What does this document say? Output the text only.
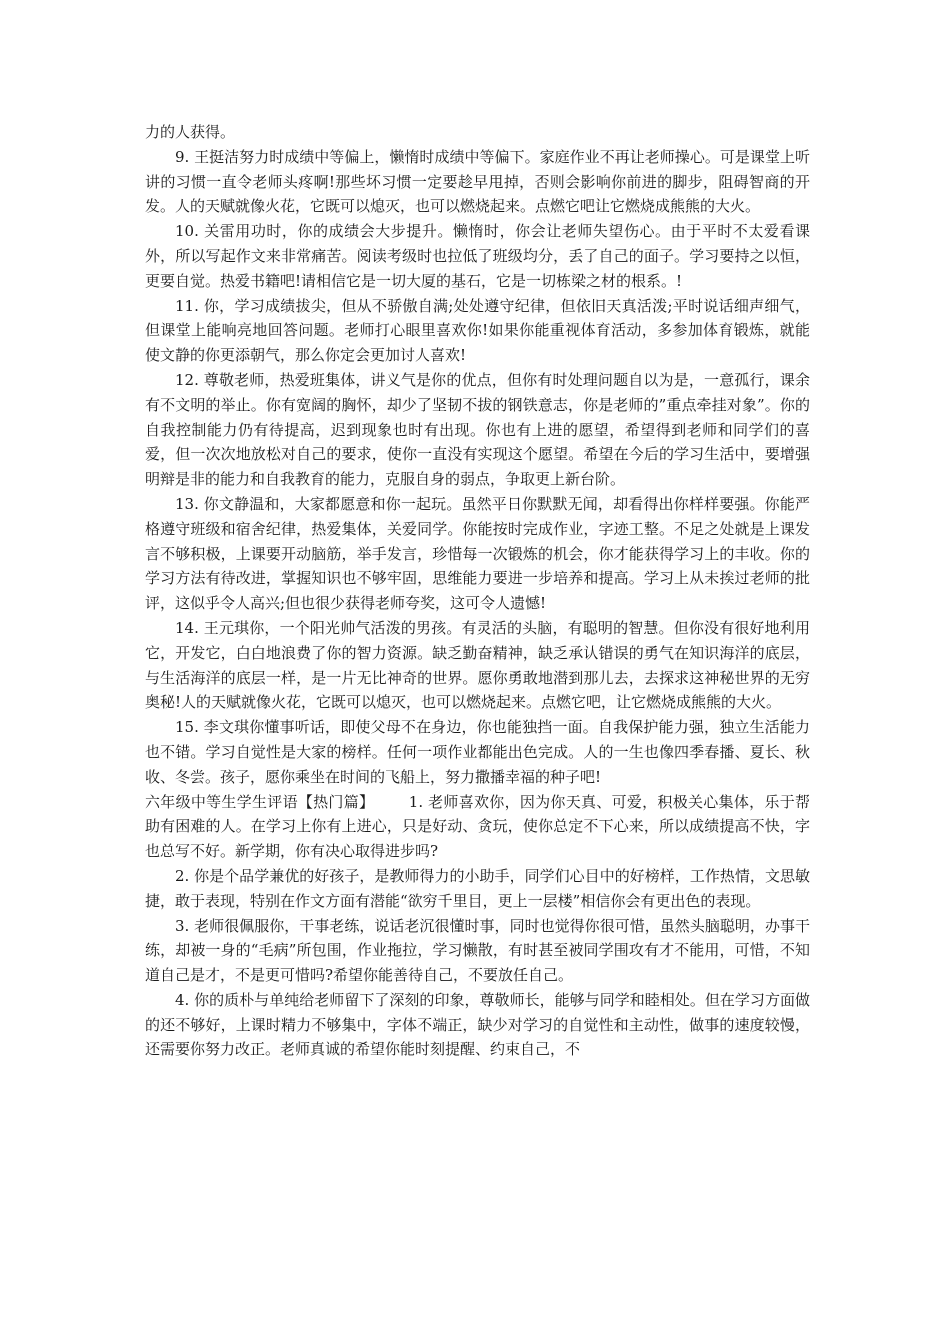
力的人获得。

9. 王挺洁努力时成绩中等偏上，懒惰时成绩中等偏下。家庭作业不再让老师操心。可是课堂上听讲的习惯一直令老师头疼啊!那些坏习惯一定要趁早甩掉，否则会影响你前进的脚步，阻碍智商的开发。人的天赋就像火花，它既可以熄灭，也可以燃烧起来。点燃它吧让它燃烧成熊熊的大火。

10. 关雷用功时，你的成绩会大步提升。懒惰时，你会让老师失望伤心。由于平时不太爱看课外，所以写起作文来非常痛苦。阅读考级时也拉低了班级均分，丢了自己的面子。学习要持之以恒，更要自觉。热爱书籍吧!请相信它是一切大厦的基石，它是一切栋梁之材的根系。!

11. 你，学习成绩拔尖，但从不骄傲自满;处处遵守纪律，但依旧天真活泼;平时说话细声细气，但课堂上能响亮地回答问题。老师打心眼里喜欢你!如果你能重视体育活动，多参加体育锻炼，就能使文静的你更添朝气，那么你定会更加讨人喜欢!

12. 尊敬老师，热爱班集体，讲义气是你的优点，但你有时处理问题自以为是，一意孤行，课余有不文明的举止。你有宽阔的胸怀，却少了坚韧不拔的钢铁意志，你是老师的”重点牵挂对象”。你的自我控制能力仍有待提高，迟到现象也时有出现。你也有上进的愿望，希望得到老师和同学们的喜爱，但一次次地放松对自己的要求，使你一直没有实现这个愿望。希望在今后的学习生活中，要增强明辩是非的能力和自我教育的能力，克服自身的弱点，争取更上新台阶。

13. 你文静温和，大家都愿意和你一起玩。虽然平日你默默无闻，却看得出你样样要强。你能严格遵守班级和宿舍纪律，热爱集体，关爱同学。你能按时完成作业，字迹工整。不足之处就是上课发言不够积极，上课要开动脑筋，举手发言，珍惜每一次锻炼的机会，你才能获得学习上的丰收。你的学习方法有待改进，掌握知识也不够牢固，思维能力要进一步培养和提高。学习上从未挨过老师的批评，这似乎令人高兴;但也很少获得老师夸奖，这可令人遗憾!

14. 王元琪你，一个阳光帅气活泼的男孩。有灵活的头脑，有聪明的智慧。但你没有很好地利用它，开发它，白白地浪费了你的智力资源。缺乏勤奋精神，缺乏承认错误的勇气在知识海洋的底层，与生活海洋的底层一样，是一片无比神奇的世界。愿你勇敢地潜到那儿去，去探求这神秘世界的无穷奥秘!人的天赋就像火花，它既可以熄灭，也可以燃烧起来。点燃它吧，让它燃烧成熊熊的大火。

15. 李文琪你懂事听话，即使父母不在身边，你也能独挡一面。自我保护能力强，独立生活能力也不错。学习自觉性是大家的榜样。任何一项作业都能出色完成。人的一生也像四季春播、夏长、秋收、冬尝。孩子，愿你乘坐在时间的飞船上，努力撒播幸福的种子吧!

六年级中等生学生评语【热门篇】 1. 老师喜欢你，因为你天真、可爱，积极关心集体，乐于帮助有困难的人。在学习上你有上进心，只是好动、贪玩，使你总定不下心来，所以成绩提高不快，字也总写不好。新学期，你有决心取得进步吗?

2. 你是个品学兼优的好孩子，是教师得力的小助手，同学们心目中的好榜样，工作热情，文思敏捷，敢于表现，特别在作文方面有潜能“欲穷千里目，更上一层楼”相信你会有更出色的表现。

3. 老师很佩服你，干事老练，说话老沉很懂时事，同时也觉得你很可惜，虽然头脑聪明，办事干练，却被一身的“毛病”所包围，作业拖拉，学习懒散，有时甚至被同学围攻有才不能用，可惜，不知道自己是才，不是更可惜吗?希望你能善待自己，不要放任自己。

4. 你的质朴与单纯给老师留下了深刻的印象，尊敬师长，能够与同学和睦相处。但在学习方面做的还不够好，上课时精力不够集中，字体不端正，缺少对学习的自觉性和主动性，做事的速度较慢，还需要你努力改正。老师真诚的希望你能时刻提醒、约束自己，不
